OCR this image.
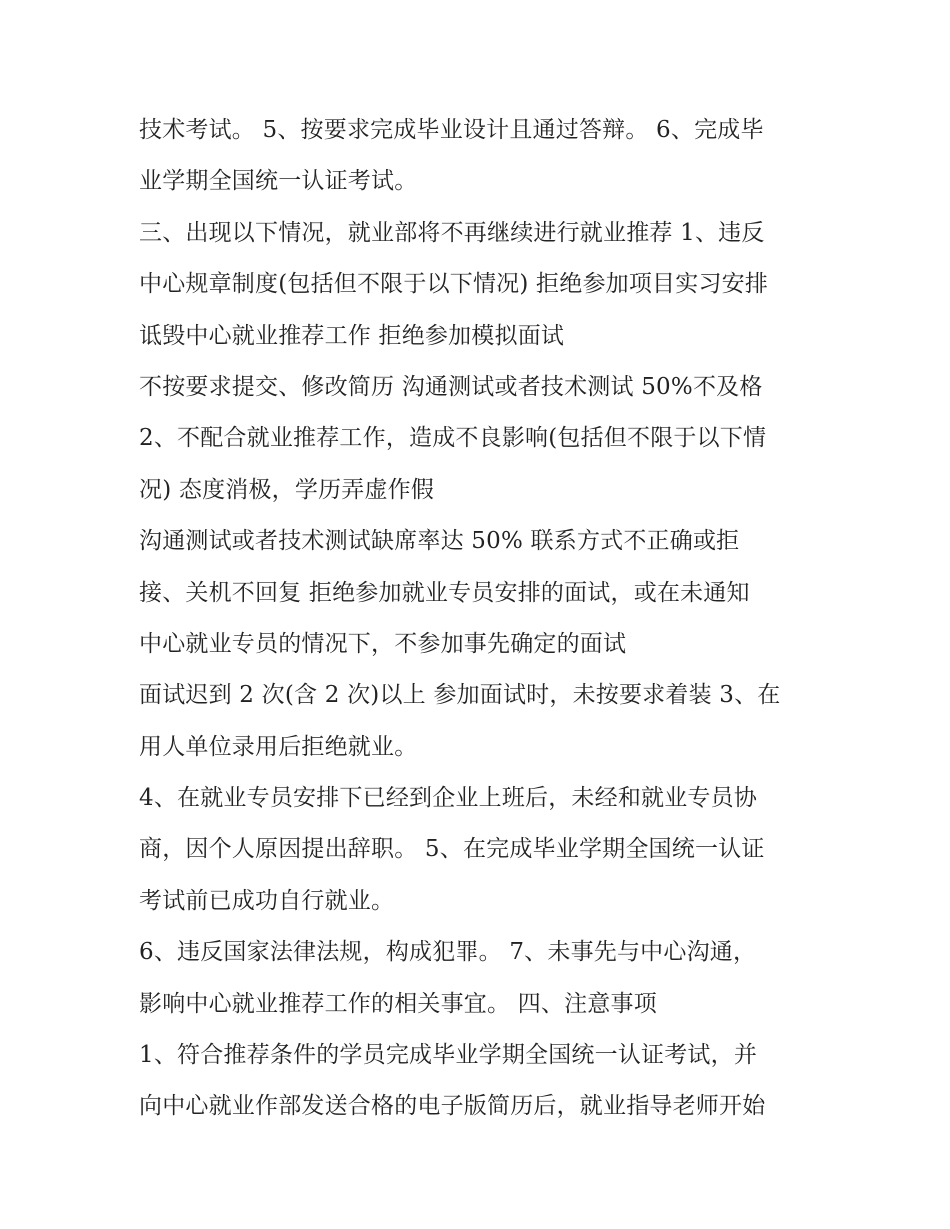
技术考试。 5、按要求完成毕业设计且通过答辩。 6、完成毕
业学期全国统一认证考试。
三、出现以下情况，就业部将不再继续进行就业推荐 1、违反
中心规章制度(包括但不限于以下情况) 拒绝参加项目实习安排
诋毁中心就业推荐工作 拒绝参加模拟面试
不按要求提交、修改简历 沟通测试或者技术测试 50%不及格
2、不配合就业推荐工作，造成不良影响(包括但不限于以下情
况) 态度消极，学历弄虚作假
沟通测试或者技术测试缺席率达 50% 联系方式不正确或拒
接、关机不回复 拒绝参加就业专员安排的面试，或在未通知
中心就业专员的情况下，不参加事先确定的面试
面试迟到 2 次(含 2 次)以上 参加面试时，未按要求着装 3、在
用人单位录用后拒绝就业。
4、在就业专员安排下已经到企业上班后，未经和就业专员协
商，因个人原因提出辞职。 5、在完成毕业学期全国统一认证
考试前已成功自行就业。
6、违反国家法律法规，构成犯罪。 7、未事先与中心沟通，
影响中心就业推荐工作的相关事宜。 四、注意事项
1、符合推荐条件的学员完成毕业学期全国统一认证考试，并
向中心就业作部发送合格的电子版简历后，就业指导老师开始
